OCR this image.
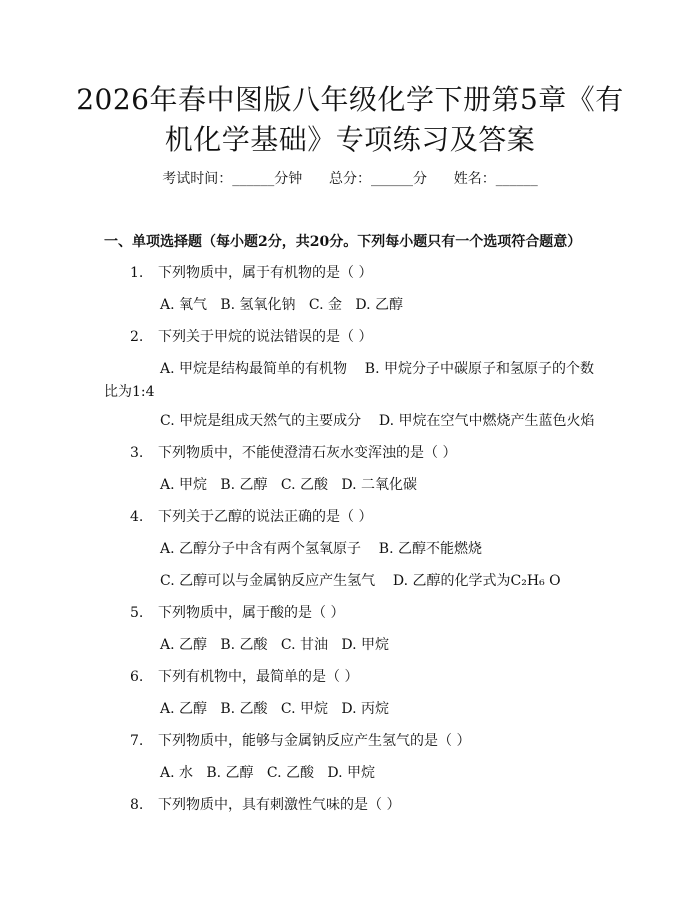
2026年春中图版八年级化学下册第5章《有
机化学基础》专项练习及答案
考试时间：______分钟      总分：______分      姓名：______
一、单项选择题（每小题2分，共20分。下列每小题只有一个选项符合题意）
1. 下列物质中，属于有机物的是（ ）
A. 氧气   B. 氢氧化钠   C. 金   D. 乙醇
2. 下列关于甲烷的说法错误的是（ ）
A. 甲烷是结构最简单的有机物    B. 甲烷分子中碳原子和氢原子的个数
比为1:4
C. 甲烷是组成天然气的主要成分    D. 甲烷在空气中燃烧产生蓝色火焰
3. 下列物质中，不能使澄清石灰水变浑浊的是（ ）
A. 甲烷   B. 乙醇   C. 乙酸   D. 二氧化碳
4. 下列关于乙醇的说法正确的是（ ）
A. 乙醇分子中含有两个氢氧原子    B. 乙醇不能燃烧
C. 乙醇可以与金属钠反应产生氢气    D. 乙醇的化学式为C₂H₆ O
5. 下列物质中，属于酸的是（ ）
A. 乙醇   B. 乙酸   C. 甘油   D. 甲烷
6. 下列有机物中，最简单的是（ ）
A. 乙醇   B. 乙酸   C. 甲烷   D. 丙烷
7. 下列物质中，能够与金属钠反应产生氢气的是（ ）
A. 水   B. 乙醇   C. 乙酸   D. 甲烷
8. 下列物质中，具有刺激性气味的是（ ）
